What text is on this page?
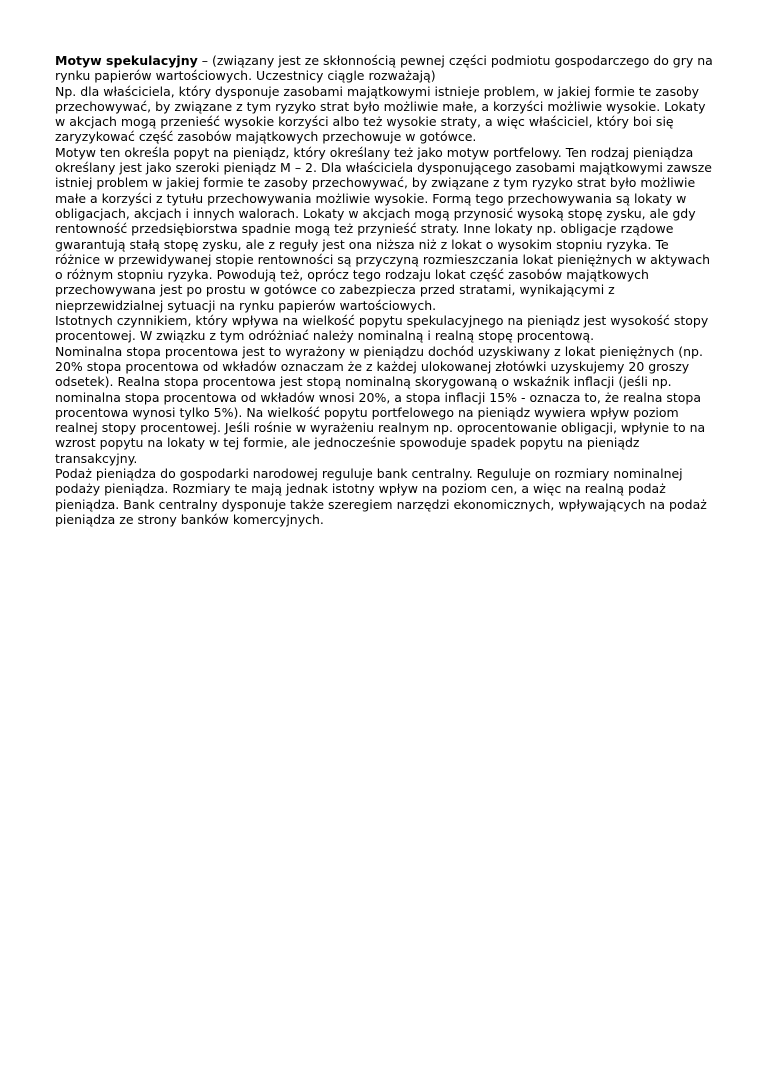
Motyw spekulacyjny – (związany jest ze skłonnością pewnej części podmiotu gospodarczego do gry na rynku papierów wartościowych. Uczestnicy ciągle rozważają)

Np. dla właściciela, który dysponuje zasobami majątkowymi istnieje problem, w jakiej formie te zasoby przechowywać, by związane z tym ryzyko strat było możliwie małe, a korzyści możliwie wysokie. Lokaty w akcjach mogą przenieść wysokie korzyści albo też wysokie straty, a więc właściciel, który boi się zaryzykować część zasobów majątkowych przechowuje w gotówce.

Motyw ten określa popyt na pieniądz, który określany też jako motyw portfelowy. Ten rodzaj pieniądza określany jest jako szeroki pieniądz M – 2. Dla właściciela dysponującego zasobami majątkowymi zawsze istniej problem w jakiej formie te zasoby przechowywać, by związane z tym ryzyko strat było możliwie małe a korzyści z tytułu przechowywania możliwie wysokie. Formą tego przechowywania są lokaty w obligacjach, akcjach i innych walorach. Lokaty w akcjach mogą przynosić wysoką stopę zysku, ale gdy rentowność przedsiębiorstwa spadnie mogą też przynieść straty. Inne lokaty np. obligacje rządowe gwarantują stałą stopę zysku, ale z reguły jest ona niższa niż z lokat o wysokim stopniu ryzyka. Te różnice w przewidywanej stopie rentowności są przyczyną rozmieszczania lokat pieniężnych w aktywach o różnym stopniu ryzyka. Powodują też, oprócz tego rodzaju lokat część zasobów majątkowych przechowywana jest po prostu w gotówce co zabezpiecza przed stratami, wynikającymi z nieprzewidzialnej sytuacji na rynku papierów wartościowych.

Istotnych czynnikiem, który wpływa na wielkość popytu spekulacyjnego na pieniądz jest wysokość stopy procentowej. W związku z tym odróżniać należy nominalną i realną stopę procentową.

Nominalna stopa procentowa jest to wyrażony w pieniądzu dochód uzyskiwany z lokat pieniężnych (np. 20% stopa procentowa od wkładów oznaczam że z każdej ulokowanej złotówki uzyskujemy 20 groszy odsetek). Realna stopa procentowa jest stopą nominalną skorygowaną o wskaźnik inflacji (jeśli np. nominalna stopa procentowa od wkładów wnosi 20%, a stopa inflacji 15% - oznacza to, że realna stopa procentowa wynosi tylko 5%). Na wielkość popytu portfelowego na pieniądz wywiera wpływ poziom realnej stopy procentowej. Jeśli rośnie w wyrażeniu realnym np. oprocentowanie obligacji, wpłynie to na wzrost popytu na lokaty w tej formie, ale jednocześnie spowoduje spadek popytu na pieniądz transakcyjny.

Podaż pieniądza do gospodarki narodowej reguluje bank centralny. Reguluje on rozmiary nominalnej podaży pieniądza. Rozmiary te mają jednak istotny wpływ na poziom cen, a więc na realną podaż pieniądza. Bank centralny dysponuje także szeregiem narzędzi ekonomicznych, wpływających na podaż pieniądza ze strony banków komercyjnych.
